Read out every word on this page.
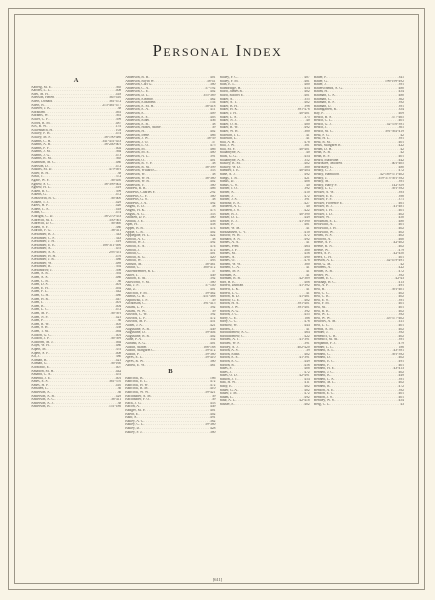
Personal Index
A
Aaberg, M. E. . . .	365
Aarons, L. L. . . .	408
Abel, M. H. . . .	418
Abelson, Helen . . .	365-410
Abert, Donald . . .	361-472
Abert, B. . . .	213-461-477
Ablerer, J. K. . . .	38
Abraham . . .	461
Abrams, W. . . .	361
Acker, C. F. . . .	399
Acord, R. M. . . .	487
Acs, B. W. . . .	151
Ackenbach, H. . . .	103
Ackley, F. H. . . .	474
Ackley, M. F. . . .	36-190-486
Adams, C. H. . . .	341-451-453
Adams, A. B. . . .	36-240-401
Adams, F. F. . . .	402
Adams, J. M. . . .	364
Adams, J. G. . . .	473
Adams, R. M. . . .	365
Adamson, M. C. . . .	480
Adelson, D. . . .	472
Adkins, M. D. . . .	479-491
Adler, R. H. . . .	38
Adsit, T. . . .	372
Agate, W. F. . . .	36-450
Agnew, S. C. . . .	36-399-402
Agnew, H. L. . . .	419
Aiken, R. C. . . .	399
Aikens, G. . . .	472
Ainsworth, B. C. . . .	36-400
Aitken, T. J. . . .	429
Akers, H. P. . . .	420
Albert, L. E. . . .	418
Albin, C. . . .	474
Albright, C. D. . . .	36-270-353
Albrecht, M. J. . . .	350-361
Albrecht, D. C. . . .	36-460
Alden, S. F. . . .	380
Aldrich, F. G. . . .	36-411
Alexander, B. J. . . .	343
Alexander, C. F. . . .	343
Alexander, J. H. . . .	419
Alexander, E. E. . . .	186-311-490
Alexander, A. . . .	451
Alexander, A. S. . . .	293-351
Alexander, H. H. . . .	476
Alexander, J. R. . . .	486
Alexander, W. . . .	489
Alexander, R. . . .	392
Alexandrov, J. . . .	398
Allen, A. R. . . .	392
Allen, A. S. . . .	486
Allen, C. B. . . .	36
Allen, D. S. . . .	401
Allen, E. H. . . .	492
Allen, F. L. . . .	442
Allen, G. H. . . .	480
Allen, H. R. . . .	447
Allen, I. . . .	401
Allen, K. . . .	404
Allen, L. C. . . .	472
Allen, M. F. . . .	36-391
Allen, N. P. . . .	421
Allen, P. . . .	36
Allen, R. W. . . .	405
Allen, S. H. . . .	358
Allen, T. M. . . .	464
Allison, G. C. . . .	401
Allison, J. P. . . .	36-399
Allstrom, M. J. . . .	464
Allyn, W. H. . . .	480
Alpert, M. . . .	351
Alpert, S. F. . . .	408
Alt, J. . . .	380
Altman, B. . . .	421
Altman, G. . . .	36-160
Alvarado, E. . . .	407
Amadon, M. H. . . .	442
Amand, C. A. . . .	451
Amenta, J. E. . . .	401
Ames, E. S. . . .	361-370
Ames, H. P. . . .	410
Amsden, L. . . .	36
Anderson, A. . . .	36
Anderson, A. B. . . .	429
Anderson, A. C. . . .	36-411
Anderson, A. J. . . .	38
Anderson, B. . . .	151-186
Anderson, B. B. . . .	401
Anderson, Blyth W. . . .	38-41
Anderson, Carl G. . . .	380
Anderson, C. A. . . .	37-192
Anderson, C. E. . . .	402
Anderson, D. L. . . .	355-389
Anderson, Eleanor . . .	462
Anderson, Elizabeth . . .	154
Anderson, E. M. H. . . .	38-418
Anderson, E. A. . . .	411
Anderson, E. . . .	409
Anderson, E. E. . . .	403
Anderson, Ethel . . .	436
Anderson, E. B. . . .	38
Anderson, Hazel, Marie . . .	39
Anderson, H. . . .	402
Anderson, Irene . . .	466
Anderson, J. W. . . .	38-39
Anderson, J. O. . . .	37
Anderson, L. O. . . .	475
Anderson, M. . . .	466
Anderson, M. E. . . .	480
Anderson, N. L. . . .	391
Anderson, O. . . .	401
Anderson, R. V. P. . . .	38
Anderson, R. M. . . .	38-399
Anderson, Willard C. . . .	353
Anderson, W. . . .	38
Anderson, W. H. . . .	38-380
Anderson, W. B. . . .	402
Anderson, V. . . .	380
Andrew, R. R. . . .	486
Andrews, Charles F. . . .	292
Andrews, C. F. . . .	380
Andrews, G. S. . . .	38
Andrews, J. A. . . .	492
Angell, E. D. . . .	38
Angell, H. K. . . .	473
Angus, A. G. . . .	353
Anitzen, D. F. . . .	380
Anttila, J. E. . . .	456
Apel, H. . . .	458
Appel, B. B. . . .	474
Apple, C. R. . . .	402
Applegate, H. L. . . .	422
Arnold, A. C. . . .	38
Arnold, W. J. . . .	492
Arnold, E. N. . . .	474
Arnold, J. . . .	472
Arnold, C. . . .	401
Arnold, R. G. . . .	420
Arnold, W. . . .	493
Arnson, M. . . .	38-461
Arthur, C. . . .	380-472
Ashenbrenner, R. L. . . .	37
Asher, I. . . .	449
Ashton, E. M. . . .	392
Ashworth, V. M. . . .	380
Ask, J. P. . . .	37-140
Ash, Z. . . .	401
Ashcraft, F. M. . . .	39-462
Asmus, G. R. . . .	451-488
Aspinwall, I. P. . . .	39
Atchinson, C. . . .	391-415
Atkins, L. F. . . .	392
Atkins, W. W. . . .	39
Atwood, C. W. . . .	392
Atwood, L. F. . . .	472
Atwood, M. F. . . .	451
Aubel, J. A. . . .	421
Augustine, A. B. . . .	449
Augustine, D. . . .	39-404
Augustine, R. R. . . .	402
Aune, P. A. . . .	352
Aurand, A. G. . . .	401
Austin, Mabel . . .	186-188
Austin, Margaret C. . . .	39-472
Austin, P. . . .	39-380
Ayres, E. L. . . .	39-410
Ayres, R. W. . . .	380
Azbell, E. W. . . .	461
B
Babcock, B. . . .	186
Babcock, E. L. . . .	472
Babcock, H. W. . . .	472
Babcock, R. M. . . .	410
Babcock, W. W. . . .	39-421
Bachhuber, A. M. . . .	39
Bachhuber, F. O. . . .	39
Back, J. G. . . .	453
Bacon, A. . . .	449
Badger, M. P. . . .	401
Baehr, E. . . .	402
Bahr, A. . . .	491
Bailey, A. C. . . .	362
Bailey, C. L. . . .	39-380
Bailey, D. . . .	428
Bailey, F. J. . . .	380
Bailey, F. C. . . .	487
Bailey, F. M. . . .	481
Bain, E. L. . . .	480
Bainbridge, H. . . .	454
Baird, James R. . . .	402
Baird, Rachel E. . . .	401
Baker, A. . . .	355
Baker, A. T. . . .	402
Baker, B. H. . . .	396
Baker, H. K. . . .	391-476
Baker, J. H. . . .	40-401
Baker, L. S. . . .	375
Baker, N. J. . . .	40
Baker, O. B. . . .	480
Baker, R. W. . . .	492
Baker, W. H. . . .	380
Baldwin, J. L. . . .	41
Baldwin, L. . . .	41
Ball, A. H. . . .	478
Ball, J. W. . . .	381
Ball, M. F. . . .	40-401
Ballantyne, A. . . .	40
Balls, G. G. . . .	454
Ballantyne, A. S. . . .	352
Balsley, R. M. . . .	402
Balsley, W. D. . . .	380
Bamber, J. E. . . .	40-404
Bane, A. J. . . .	492
Bangs, T. B. . . .	421
Banks, D. . . .	408
Banks, C. S. . . .	40
Barber, I. O. . . .	392
Barber, A. . . .	410
Barber, J. . . .	472
Barber, J. S. . . .	391
Barbour, E. E. . . .	427
Bardeen, A. C. . . .	40
Bardeen, J. S. . . .	422
Barker, B. J. . . .	40-390
Barker, D. L. . . .	449
Barker, E. J. . . .	41-390
Barker, F. . . .	481
Barker, W. M. . . .	41
Barkhausen, C. V. . . .	410
Barlow, W. H. . . .	472
Barnard, S. N. . . .	492
Barnes, A. A. . . .	41
Barnes, Fred . . .	464
Barnes, J. F. . . .	380
Barnes, M. . . .	456
Barnes, N. . . .	490
Barnes, O. . . .	478
Barnett, W. W. . . .	380
Barnett, C. A. . . .	41
Barnett, M. F. . . .	41
Barnum, A. . . .	41
Barnum, R. B. . . .	42-389
Barr, H. E. . . .	406
Barrett, Duncan . . .	41-392
Barrett, L. K. . . .	41
Barrett, L. C. . . .	41
Barron, R. D. . . .	41-481
Barrow, G. E. . . .	402
Barton, H. A. . . .	391-401
Barton, J. W. . . .	391-401
Barton, A. G. . . .	392
Barton, J. C. . . .	455
Barry, C. E. . . .	186
Barry, C. C. . . .	476
Barstow, W. . . .	444
Bartels, J. . . .	41
Bartholomew, A. C. . . .	464
Bartholomew, C. . . .	422
Bartlett, A. T. . . .	41-391
Bartlett, W. F. . . .	391
Bartley, A. J. . . .	402-420
Barton, A. S. . . .	39
Barton, Edith . . .	402
Barton, E. E. . . .	41-391
Barton, E. C. . . .	449
Barton, R. . . .	456
Bates, F. . . .	408
Bates, J. . . .	472
Bates, O. D. . . .	42-491
Batson, J. T. . . .	454
Batt, H. W. . . .	411
Batty, E. . . .	402
Bauer, G. A. . . .	402
Bauer, J. M. . . .	472
Baum, L. . . .	492
Baur, A. L. . . .	42-418
Bauser, E. . . .	402
Bauer, F. . . .	341
Bauer, G. . . .	196-199-492
Bauer, J. . . .	391
Bauerschmid, A. G. . . .	480
Baum, H. . . .	454
Bauman, C. A. . . .	480
Bauman, C. . . .	362
Bauman, K. F. . . .	392
Bauman, U. . . .	391
Baumgarten, R. . . .	354
Bay, P. . . .	409
Beach, B. S. . . .	377-465
Beach, C. L. . . .	401
Beach, G. J. . . .	42-376-391
Beach, J. . . .	361
Beach, M. C. . . .	391-392-419
Beal, F. G. . . .	42
Beal, H. L. . . .	391
Beal, R. M. . . .	401
Beals, Margaret R. . . .	422
Beam, D. H. . . .	42
Bean, A. B. . . .	42
Bean, R. F. . . .	401
Beard, Madeline . . .	442
Beardslee, Mildred . . .	401-405
Beardsley, L. . . .	480
Beatty, C. J. . . .	472
Beatty, Hamilton . . .	42-189-371-402
Beatty, J. . . .	359-373-391-392
Beatty, M. . . .	391
Beatty, Harry P. . . .	142-359
Beatty, L. L. . . .	391-392
Becker, A. W. . . .	393
Becker, E. E. . . .	398
Becker, F. F. . . .	371
Becker, Florence E. . . .	461
Becker, H. J. . . .	41-481
Becker, J. H. . . .	401
Becker, J. D. . . .	402
Becker, W. . . .	450
Beckman, E. L. . . .	480
Beckwith, A. . . .	401
Beckwith, J. H. . . .	402
Beckwith, W. . . .	402
Bedell, B. S. . . .	402
Bedford, A. . . .	460
Beebe, A. F. . . .	42-402
Beebe, R. N. . . .	402
Beebe, W. . . .	479
Beers, A. F. . . .	42-450
Beers, C. H. . . .	401
Beeson, A. L. . . .	42-479-491
Behr, G. M. . . .	42
Behrens, A. . . .	422
Beidel, A. B. . . .	472
Beiser, W. . . .	392
Belden, E. C. . . .	42-43
Belknap, H. C. . . .	413
Bell, A. P. . . .	491
Bell, B. . . .	391-401
Bell, C. C. . . .	402
Bell, C. K. . . .	402
Bell, E. S. . . .	391
Bell, F. M. . . .	401
Bell, M. . . .	401
Bell, R. K. . . .	402
Bell, W. L. . . .	392
Bell, W. W. . . .	43-377-402
Bellows, A. M. . . .	411
Belt, L. C. . . .	401
Bemis, A. M. . . .	402
Bender, J. . . .	392
Benedict, C. R. . . .	402
Benedict, M. M. . . .	391
Benjamin, F. J. . . .	479
Benner, L. L. . . .	186
Bennett, A. L. . . .	43-391
Bennett, C. . . .	391-392
Bennett, D. . . .	402
Bennett, E. C. . . .	491
Bennett, F. . . .	401
Bennett, H. E. . . .	43-413
Bennett, J. C. . . .	402
Bennett, K. . . .	449
Bennett, L. A. . . .	391
Bennett, M. L. . . .	402
Bennett, R. . . .	472
Benson, A. E. . . .	392
Benson, E. C. . . .	401
Benson, J. S. . . .	401
Bentley, W. S. . . .	454
Berg, C. L. . . .	43
[ 611 ]
